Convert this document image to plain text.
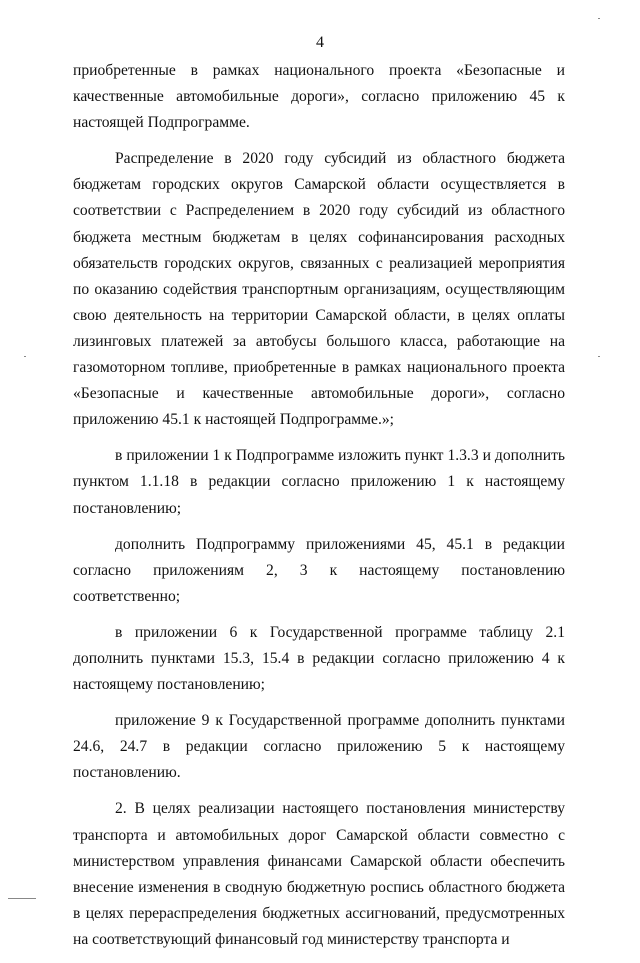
4

приобретенные в рамках национального проекта «Безопасные и качественные автомобильные дороги», согласно приложению 45 к настоящей Подпрограмме.

Распределение в 2020 году субсидий из областного бюджета бюджетам городских округов Самарской области осуществляется в соответствии с Распределением в 2020 году субсидий из областного бюджета местным бюджетам в целях софинансирования расходных обязательств городских округов, связанных с реализацией мероприятия по оказанию содействия транспортным организациям, осуществляющим свою деятельность на территории Самарской области, в целях оплаты лизинговых платежей за автобусы большого класса, работающие на газомоторном топливе, приобретенные в рамках национального проекта «Безопасные и качественные автомобильные дороги», согласно приложению 45.1 к настоящей Подпрограмме.»;

в приложении 1 к Подпрограмме изложить пункт 1.3.3 и дополнить пунктом 1.1.18 в редакции согласно приложению 1 к настоящему постановлению;

дополнить Подпрограмму приложениями 45, 45.1 в редакции согласно приложениям 2, 3 к настоящему постановлению соответственно;

в приложении 6 к Государственной программе таблицу 2.1 дополнить пунктами 15.3, 15.4 в редакции согласно приложению 4 к настоящему постановлению;

приложение 9 к Государственной программе дополнить пунктами 24.6, 24.7 в редакции согласно приложению 5 к настоящему постановлению.

2. В целях реализации настоящего постановления министерству транспорта и автомобильных дорог Самарской области совместно с министерством управления финансами Самарской области обеспечить внесение изменения в сводную бюджетную роспись областного бюджета в целях перераспределения бюджетных ассигнований, предусмотренных на соответствующий финансовый год министерству транспорта и
